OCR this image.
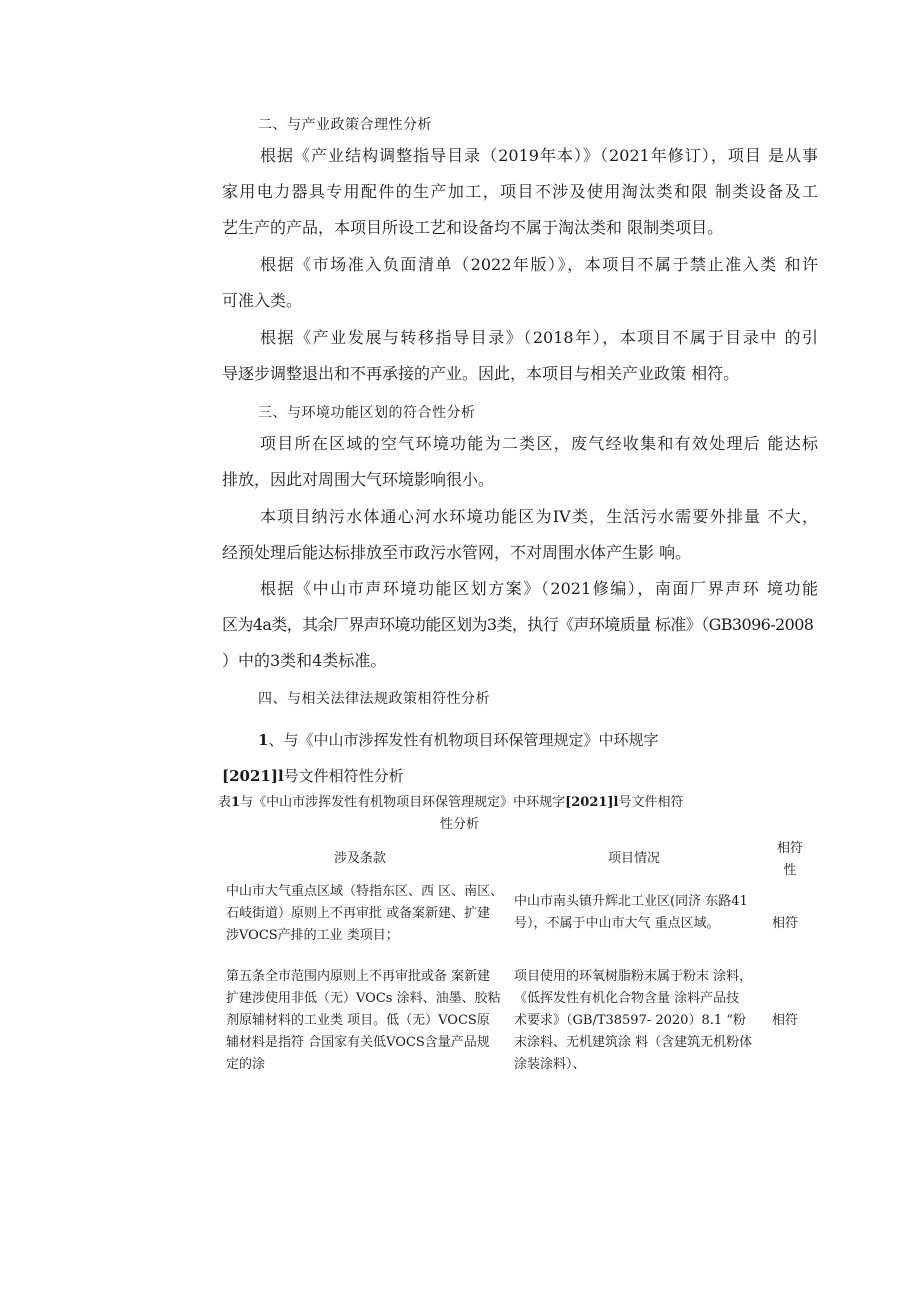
二、与产业政策合理性分析
根据《产业结构调整指导目录（2019年本）》（2021年修订），项目 是从事
家用电力器具专用配件的生产加工，项目不涉及使用淘汰类和限 制类设备及工
艺生产的产品，本项目所设工艺和设备均不属于淘汰类和 限制类项目。
根据《市场准入负面清单（2022年版）》，本项目不属于禁止准入类 和许
可准入类。
根据《产业发展与转移指导目录》（2018年），本项目不属于目录中 的引
导逐步调整退出和不再承接的产业。因此，本项目与相关产业政策 相符。
三、与环境功能区划的符合性分析
项目所在区域的空气环境功能为二类区，废气经收集和有效处理后 能达标
排放，因此对周围大气环境影响很小。
本项目纳污水体通心河水环境功能区为IV类，生活污水需要外排量 不大，
经预处理后能达标排放至市政污水管网，不对周围水体产生影 响。
根据《中山市声环境功能区划方案》（2021修编），南面厂界声环 境功能
区为4a类，其余厂界声环境功能区划为3类，执行《声环境质量 标准》（GB3096-2008
）中的3类和4类标准。
四、与相关法律法规政策相符性分析
1、与《中山市涉挥发性有机物项目环保管理规定》中环规字
[2021]l号文件相符性分析
表1与《中山市涉挥发性有机物项目环保管理规定》中环规字[2021]l号文件相符
性分析
涉及条款	项目情况
相符
性
中山市大气重点区域（特指东区、西 区、南区、
石岐街道）原则上不再审批 或备案新建、扩建
涉VOCS产排的工业 类项目；
中山市南头镇升辉北工业区(同济 东路41
号），不属于中山市大气 重点区域。	相符
第五条全市范围内原则上不再审批或备 案新建
扩建涉使用非低（无）VOCs 涂料、油墨、胶粘
剂原辅材料的工业类 项目。低（无）VOCS原
辅材料是指符 合国家有关低VOCS含量产品规
定的涂
项目使用的环氧树脂粉末属于粉末 涂料，
《低挥发性有机化合物含量 涂料产品技
术要求》（GB/T38597- 2020）8.1 “粉
末涂料、无机建筑涂 料（含建筑无机粉体
涂装涂料）、
相符
